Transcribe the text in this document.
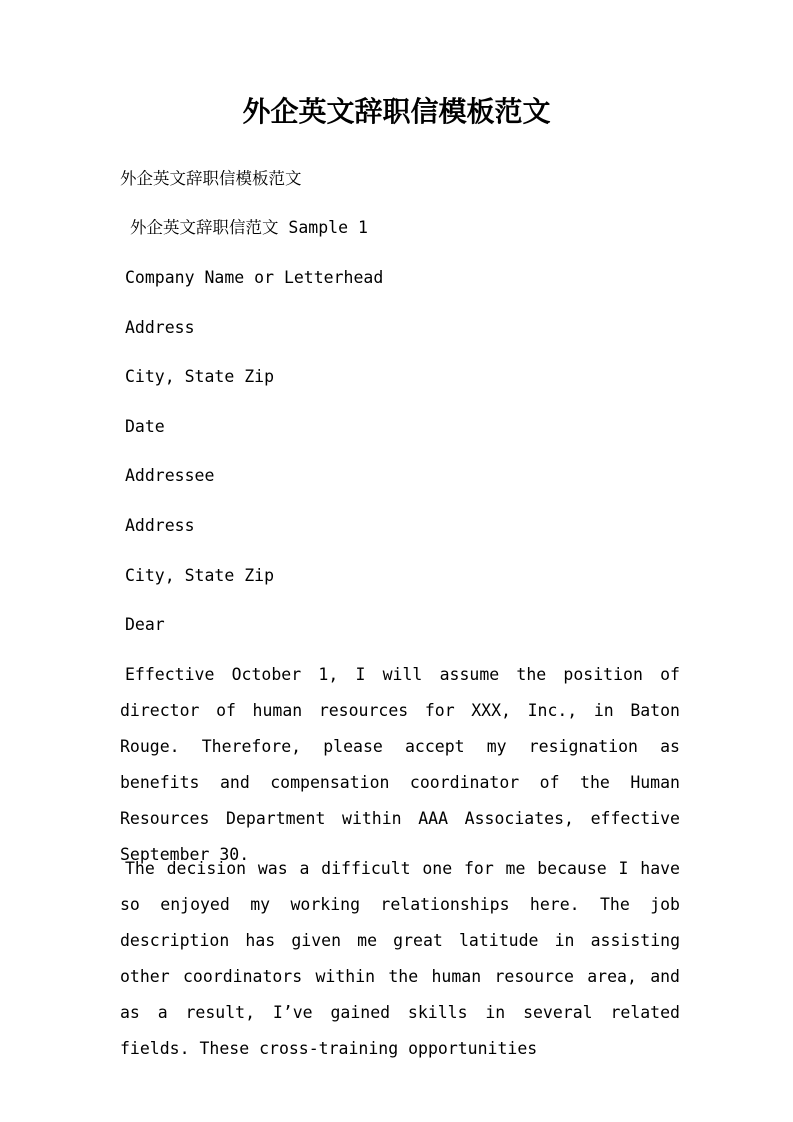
外企英文辞职信模板范文

外企英文辞职信模板范文

外企英文辞职信范文 Sample 1

Company Name or Letterhead

Address

City, State Zip

Date

Addressee

Address

City, State Zip

Dear

Effective October 1, I will assume the position of director of human resources for XXX, Inc., in Baton Rouge. Therefore, please accept my resignation as benefits and compensation coordinator of the Human Resources Department within AAA Associates, effective September 30.

The decision was a difficult one for me because I have so enjoyed my working relationships here. The job description has given me great latitude in assisting other coordinators within the human resource area, and as a result, I’ve gained skills in several related fields. These cross-training opportunities
